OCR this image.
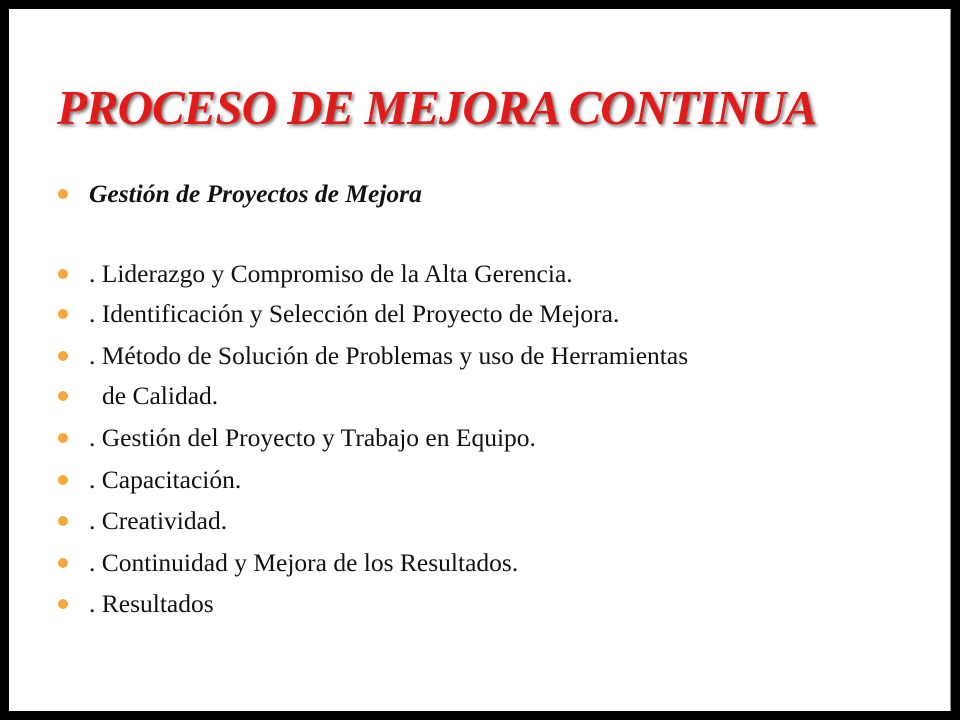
PROCESO DE MEJORA CONTINUA
Gestión de Proyectos de Mejora
. Liderazgo y Compromiso de la Alta Gerencia.
. Identificación y Selección del Proyecto de Mejora.
. Método de Solución de Problemas y uso de Herramientas
de Calidad.
. Gestión del Proyecto y Trabajo en Equipo.
. Capacitación.
. Creatividad.
. Continuidad y Mejora de los Resultados.
. Resultados
